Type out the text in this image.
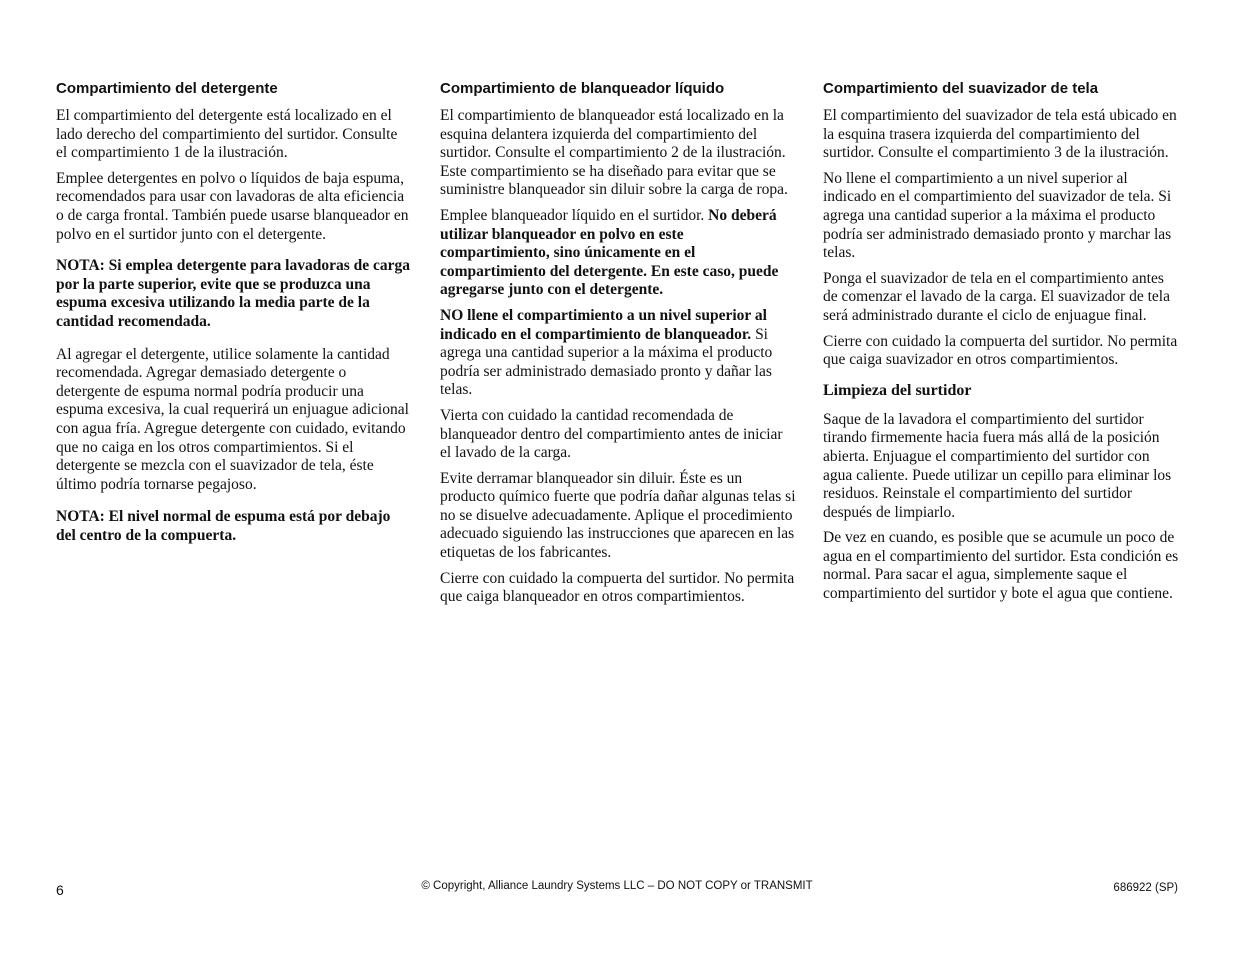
Compartimiento del detergente

El compartimiento del detergente está localizado en el lado derecho del compartimiento del surtidor. Consulte el compartimiento 1 de la ilustración.

Emplee detergentes en polvo o líquidos de baja espuma, recomendados para usar con lavadoras de alta eficiencia o de carga frontal. También puede usarse blanqueador en polvo en el surtidor junto con el detergente.

NOTA: Si emplea detergente para lavadoras de carga por la parte superior, evite que se produzca una espuma excesiva utilizando la media parte de la cantidad recomendada.

Al agregar el detergente, utilice solamente la cantidad recomendada. Agregar demasiado detergente o detergente de espuma normal podría producir una espuma excesiva, la cual requerirá un enjuague adicional con agua fría. Agregue detergente con cuidado, evitando que no caiga en los otros compartimientos. Si el detergente se mezcla con el suavizador de tela, éste último podría tornarse pegajoso.

NOTA: El nivel normal de espuma está por debajo del centro de la compuerta.

Compartimiento de blanqueador líquido

El compartimiento de blanqueador está localizado en la esquina delantera izquierda del compartimiento del surtidor. Consulte el compartimiento 2 de la ilustración. Este compartimiento se ha diseñado para evitar que se suministre blanqueador sin diluir sobre la carga de ropa.

Emplee blanqueador líquido en el surtidor. No deberá utilizar blanqueador en polvo en este compartimiento, sino únicamente en el compartimiento del detergente. En este caso, puede agregarse junto con el detergente.

NO llene el compartimiento a un nivel superior al indicado en el compartimiento de blanqueador. Si agrega una cantidad superior a la máxima el producto podría ser administrado demasiado pronto y dañar las telas.

Vierta con cuidado la cantidad recomendada de blanqueador dentro del compartimiento antes de iniciar el lavado de la carga.

Evite derramar blanqueador sin diluir. Éste es un producto químico fuerte que podría dañar algunas telas si no se disuelve adecuadamente. Aplique el procedimiento adecuado siguiendo las instrucciones que aparecen en las etiquetas de los fabricantes.

Cierre con cuidado la compuerta del surtidor. No permita que caiga blanqueador en otros compartimientos.

Compartimiento del suavizador de tela

El compartimiento del suavizador de tela está ubicado en la esquina trasera izquierda del compartimiento del surtidor. Consulte el compartimiento 3 de la ilustración.

No llene el compartimiento a un nivel superior al indicado en el compartimiento del suavizador de tela. Si agrega una cantidad superior a la máxima el producto podría ser administrado demasiado pronto y marchar las telas.

Ponga el suavizador de tela en el compartimiento antes de comenzar el lavado de la carga. El suavizador de tela será administrado durante el ciclo de enjuague final.

Cierre con cuidado la compuerta del surtidor. No permita que caiga suavizador en otros compartimientos.

Limpieza del surtidor

Saque de la lavadora el compartimiento del surtidor tirando firmemente hacia fuera más allá de la posición abierta. Enjuague el compartimiento del surtidor con agua caliente. Puede utilizar un cepillo para eliminar los residuos. Reinstale el compartimiento del surtidor después de limpiarlo.

De vez en cuando, es posible que se acumule un poco de agua en el compartimiento del surtidor. Esta condición es normal. Para sacar el agua, simplemente saque el compartimiento del surtidor y bote el agua que contiene.

6	© Copyright, Alliance Laundry Systems LLC – DO NOT COPY or TRANSMIT	686922 (SP)
